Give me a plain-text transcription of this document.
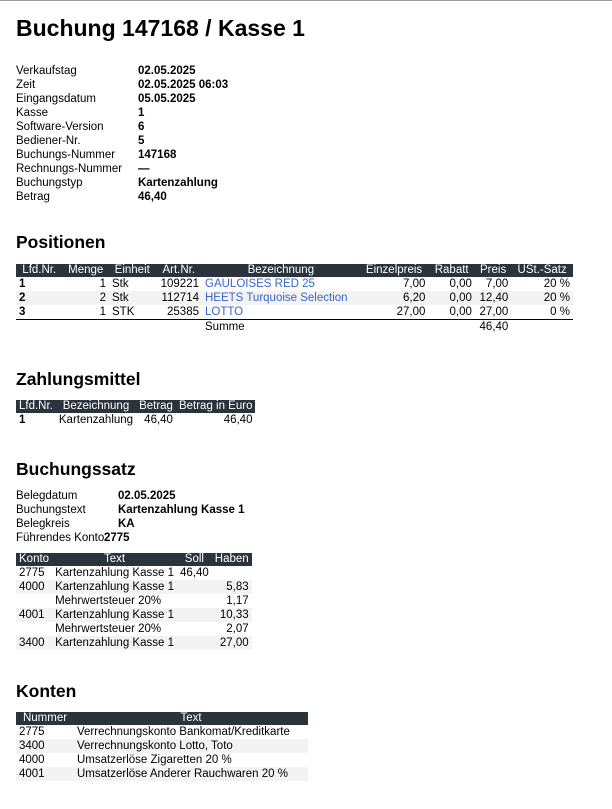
Buchung 147168 / Kasse 1
Verkaufstag	02.05.2025
Zeit	02.05.2025 06:03
Eingangsdatum	05.05.2025
Kasse	1
Software-Version	6
Bediener-Nr.	5
Buchungs-Nummer	147168
Rechnungs-Nummer	—
Buchungstyp	Kartenzahlung
Betrag	46,40
Positionen
Lfd.Nr.	Menge	Einheit	Art.Nr.	Bezeichnung	Einzelpreis	Rabatt	Preis	USt.-Satz
1	1	Stk	109221	GAULOISES RED 25	7,00	0,00	7,00	20 %
2	2	Stk	112714	HEETS Turquoise Selection	6,20	0,00	12,40	20 %
3	1	STK	25385	LOTTO	27,00	0,00	27,00	0 %
				Summe			46,40	
Zahlungsmittel
Lfd.Nr.	Bezeichnung	Betrag	Betrag in Euro
1	Kartenzahlung	46,40	46,40
Buchungssatz
Belegdatum	02.05.2025
Buchungstext	Kartenzahlung Kasse 1
Belegkreis	KA
Führendes Konto 2775
Konto	Text	Soll	Haben
2775	Kartenzahlung Kasse 1	46,40	
4000	Kartenzahlung Kasse 1		5,83
	Mehrwertsteuer 20%		1,17
4001	Kartenzahlung Kasse 1		10,33
	Mehrwertsteuer 20%		2,07
3400	Kartenzahlung Kasse 1		27,00
Konten
Nummer	Text
2775	Verrechnungskonto Bankomat/Kreditkarte
3400	Verrechnungskonto Lotto, Toto
4000	Umsatzerlöse Zigaretten 20 %
4001	Umsatzerlöse Anderer Rauchwaren 20 %
